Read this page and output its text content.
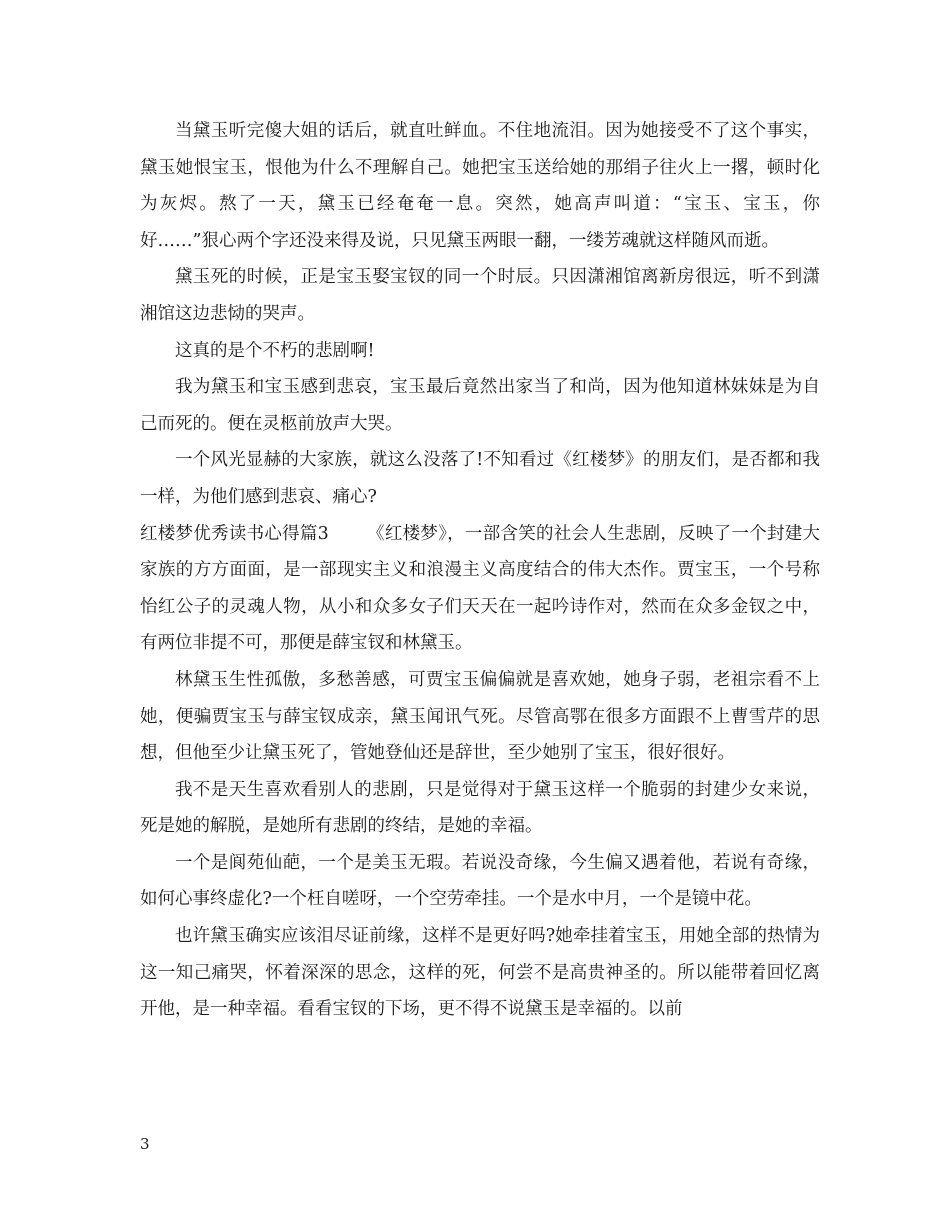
当黛玉听完傻大姐的话后，就直吐鲜血。不住地流泪。因为她接受不了这个事实，黛玉她恨宝玉，恨他为什么不理解自己。她把宝玉送给她的那绢子往火上一撂，顿时化为灰烬。熬了一天，黛玉已经奄奄一息。突然，她高声叫道：“宝玉、宝玉，你好……”狠心两个字还没来得及说，只见黛玉两眼一翻，一缕芳魂就这样随风而逝。

黛玉死的时候，正是宝玉娶宝钗的同一个时辰。只因潇湘馆离新房很远，听不到潇湘馆这边悲恸的哭声。

这真的是个不朽的悲剧啊!

我为黛玉和宝玉感到悲哀，宝玉最后竟然出家当了和尚，因为他知道林妹妹是为自己而死的。便在灵柩前放声大哭。

一个风光显赫的大家族，就这么没落了!不知看过《红楼梦》的朋友们，是否都和我一样，为他们感到悲哀、痛心?

红楼梦优秀读书心得篇3 《红楼梦》，一部含笑的社会人生悲剧，反映了一个封建大家族的方方面面，是一部现实主义和浪漫主义高度结合的伟大杰作。贾宝玉，一个号称怡红公子的灵魂人物，从小和众多女子们天天在一起吟诗作对，然而在众多金钗之中，有两位非提不可，那便是薛宝钗和林黛玉。

林黛玉生性孤傲，多愁善感，可贾宝玉偏偏就是喜欢她，她身子弱，老祖宗看不上她，便骗贾宝玉与薛宝钗成亲，黛玉闻讯气死。尽管高鄂在很多方面跟不上曹雪芹的思想，但他至少让黛玉死了，管她登仙还是辞世，至少她别了宝玉，很好很好。

我不是天生喜欢看别人的悲剧，只是觉得对于黛玉这样一个脆弱的封建少女来说，死是她的解脱，是她所有悲剧的终结，是她的幸福。

一个是阆苑仙葩，一个是美玉无瑕。若说没奇缘，今生偏又遇着他，若说有奇缘，如何心事终虚化?一个枉自嗟呀，一个空劳牵挂。一个是水中月，一个是镜中花。

也许黛玉确实应该泪尽证前缘，这样不是更好吗?她牵挂着宝玉，用她全部的热情为这一知己痛哭，怀着深深的思念，这样的死，何尝不是高贵神圣的。所以能带着回忆离开他，是一种幸福。看看宝钗的下场，更不得不说黛玉是幸福的。以前

3
